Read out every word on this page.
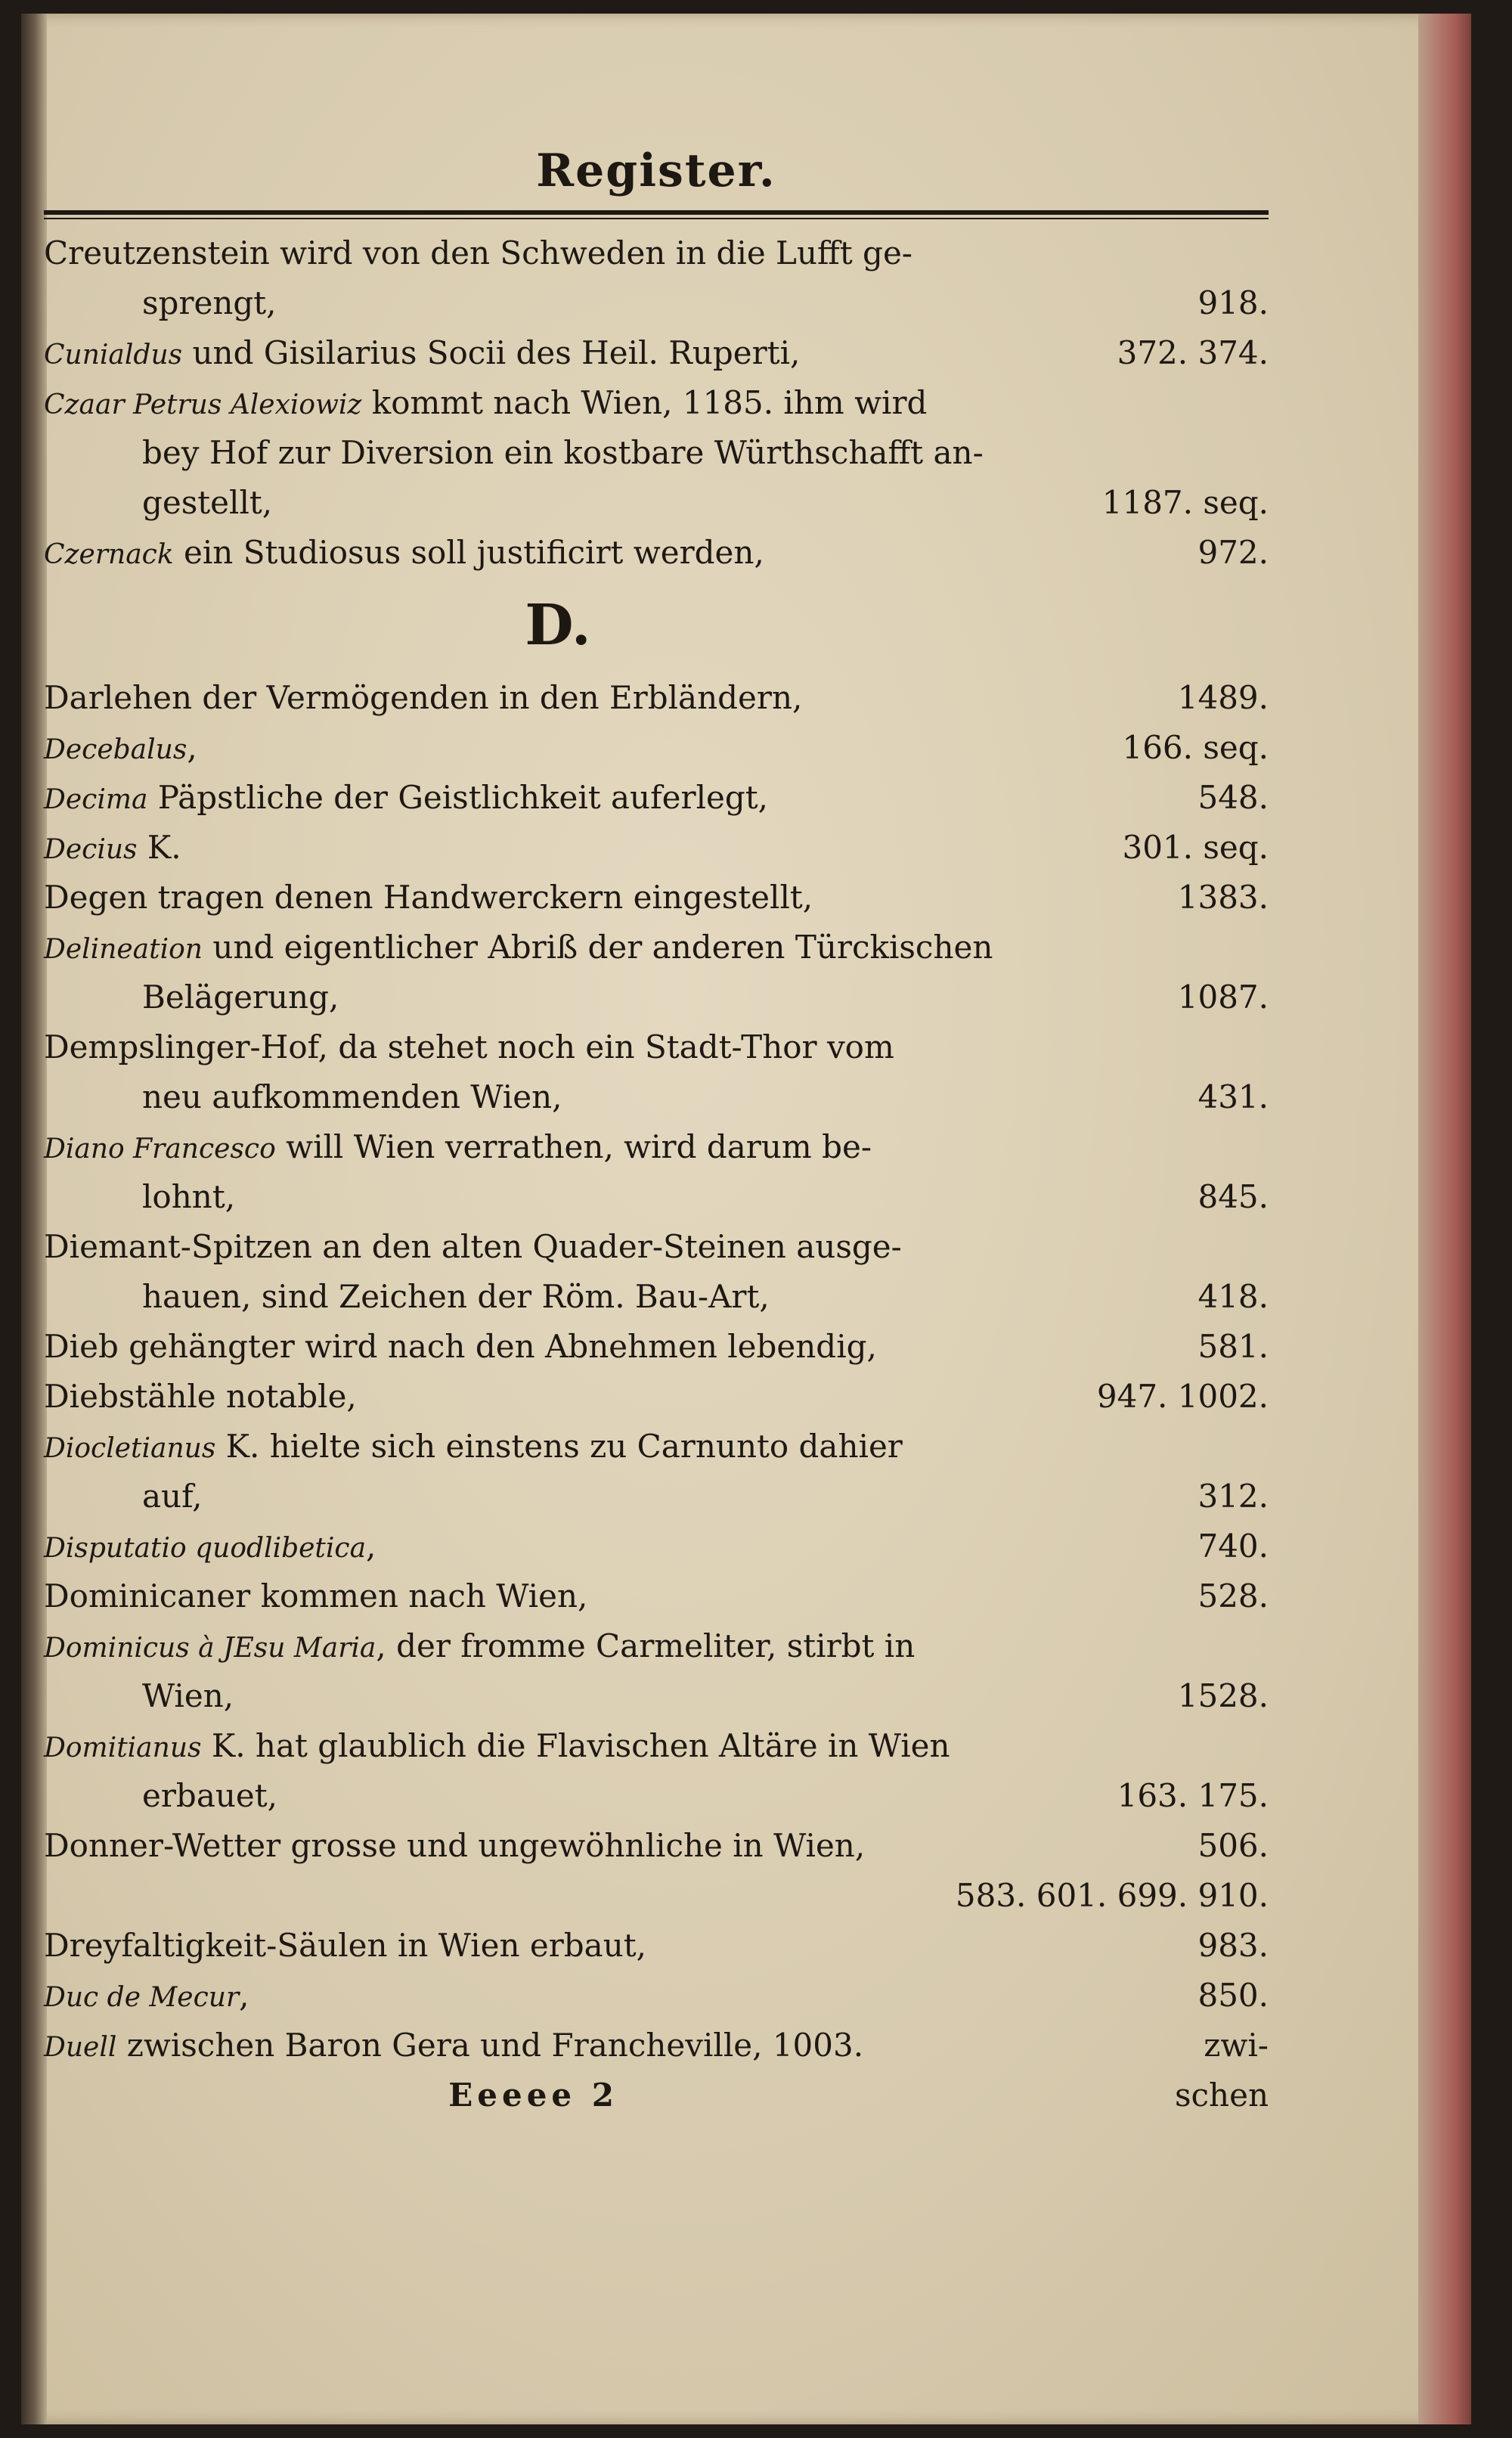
Register.
Creutzenstein wird von den Schweden in die Lufft ge-
sprengt,	918.
Cunialdus und Gisilarius Socii des Heil. Ruperti,	372. 374.
Czaar Petrus Alexiowiz kommt nach Wien, 1185. ihm wird
bey Hof zur Diversion ein kostbare Würthschafft an-
gestellt,	1187. seq.
Czernack ein Studiosus soll justificirt werden,	972.
D.
Darlehen der Vermögenden in den Erbländern,	1489.
Decebalus,	166. seq.
Decima Päpstliche der Geistlichkeit auferlegt,	548.
Decius K.	301. seq.
Degen tragen denen Handwerckern eingestellt,	1383.
Delineation und eigentlicher Abriß der anderen Türckischen
Belägerung,	1087.
Dempslinger-Hof, da stehet noch ein Stadt-Thor vom
neu aufkommenden Wien,	431.
Diano Francesco will Wien verrathen, wird darum be-
lohnt,	845.
Diemant-Spitzen an den alten Quader-Steinen ausge-
hauen, sind Zeichen der Röm. Bau-Art,	418.
Dieb gehängter wird nach den Abnehmen lebendig,	581.
Diebstähle notable,	947. 1002.
Diocletianus K. hielte sich einstens zu Carnunto dahier
auf,	312.
Disputatio quodlibetica,	740.
Dominicaner kommen nach Wien,	528.
Dominicus à JEsu Maria, der fromme Carmeliter, stirbt in
Wien,	1528.
Domitianus K. hat glaublich die Flavischen Altäre in Wien
erbauet,	163. 175.
Donner-Wetter grosse und ungewöhnliche in Wien,	506.
583. 601. 699. 910.
Dreyfaltigkeit-Säulen in Wien erbaut,	983.
Duc de Mecur,	850.
Duell zwischen Baron Gera und Francheville, 1003.	zwi-
Eeeee 2	schen
